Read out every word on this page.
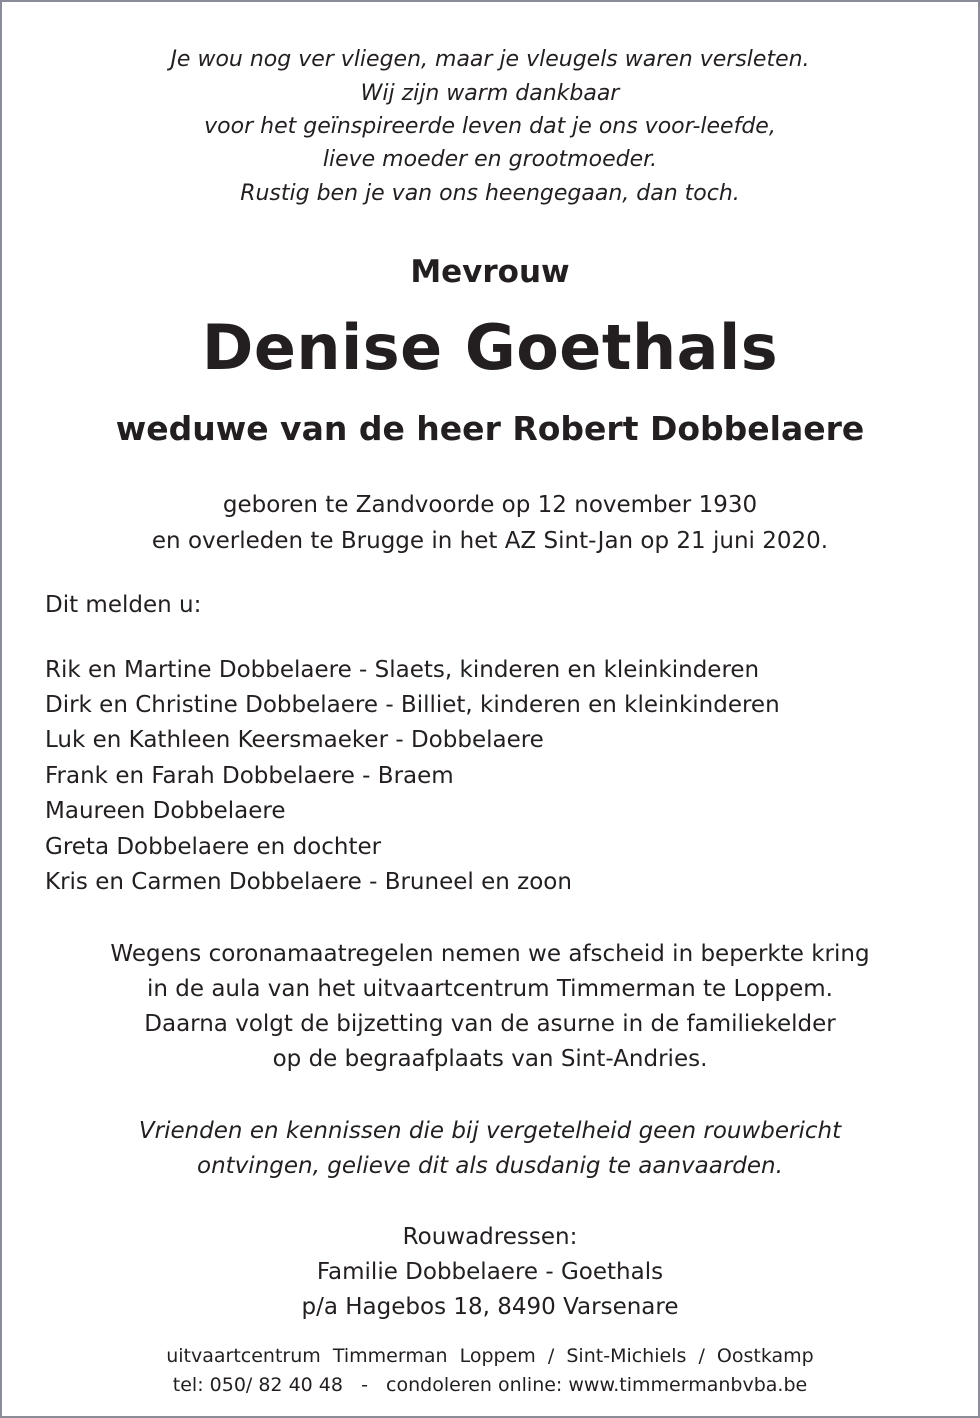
Je wou nog ver vliegen, maar je vleugels waren versleten.
Wij zijn warm dankbaar
voor het geïnspireerde leven dat je ons voor-leefde,
lieve moeder en grootmoeder.
Rustig ben je van ons heengegaan, dan toch.
Mevrouw
Denise Goethals
weduwe van de heer Robert Dobbelaere
geboren te Zandvoorde op 12 november 1930
en overleden te Brugge in het AZ Sint-Jan op 21 juni 2020.
Dit melden u:
Rik en Martine Dobbelaere - Slaets, kinderen en kleinkinderen
Dirk en Christine Dobbelaere - Billiet, kinderen en kleinkinderen
Luk en Kathleen Keersmaeker - Dobbelaere
Frank en Farah Dobbelaere - Braem
Maureen Dobbelaere
Greta Dobbelaere en dochter
Kris en Carmen Dobbelaere - Bruneel en zoon
Wegens coronamaatregelen nemen we afscheid in beperkte kring
in de aula van het uitvaartcentrum Timmerman te Loppem.
Daarna volgt de bijzetting van de asurne in de familiekelder
op de begraafplaats van Sint-Andries.
Vrienden en kennissen die bij vergetelheid geen rouwbericht
ontvingen, gelieve dit als dusdanig te aanvaarden.
Rouwadressen:
Familie Dobbelaere - Goethals
p/a Hagebos 18, 8490 Varsenare
uitvaartcentrum  Timmerman  Loppem  /  Sint-Michiels  /  Oostkamp
tel: 050/ 82 40 48   -   condoleren online: www.timmermanbvba.be
